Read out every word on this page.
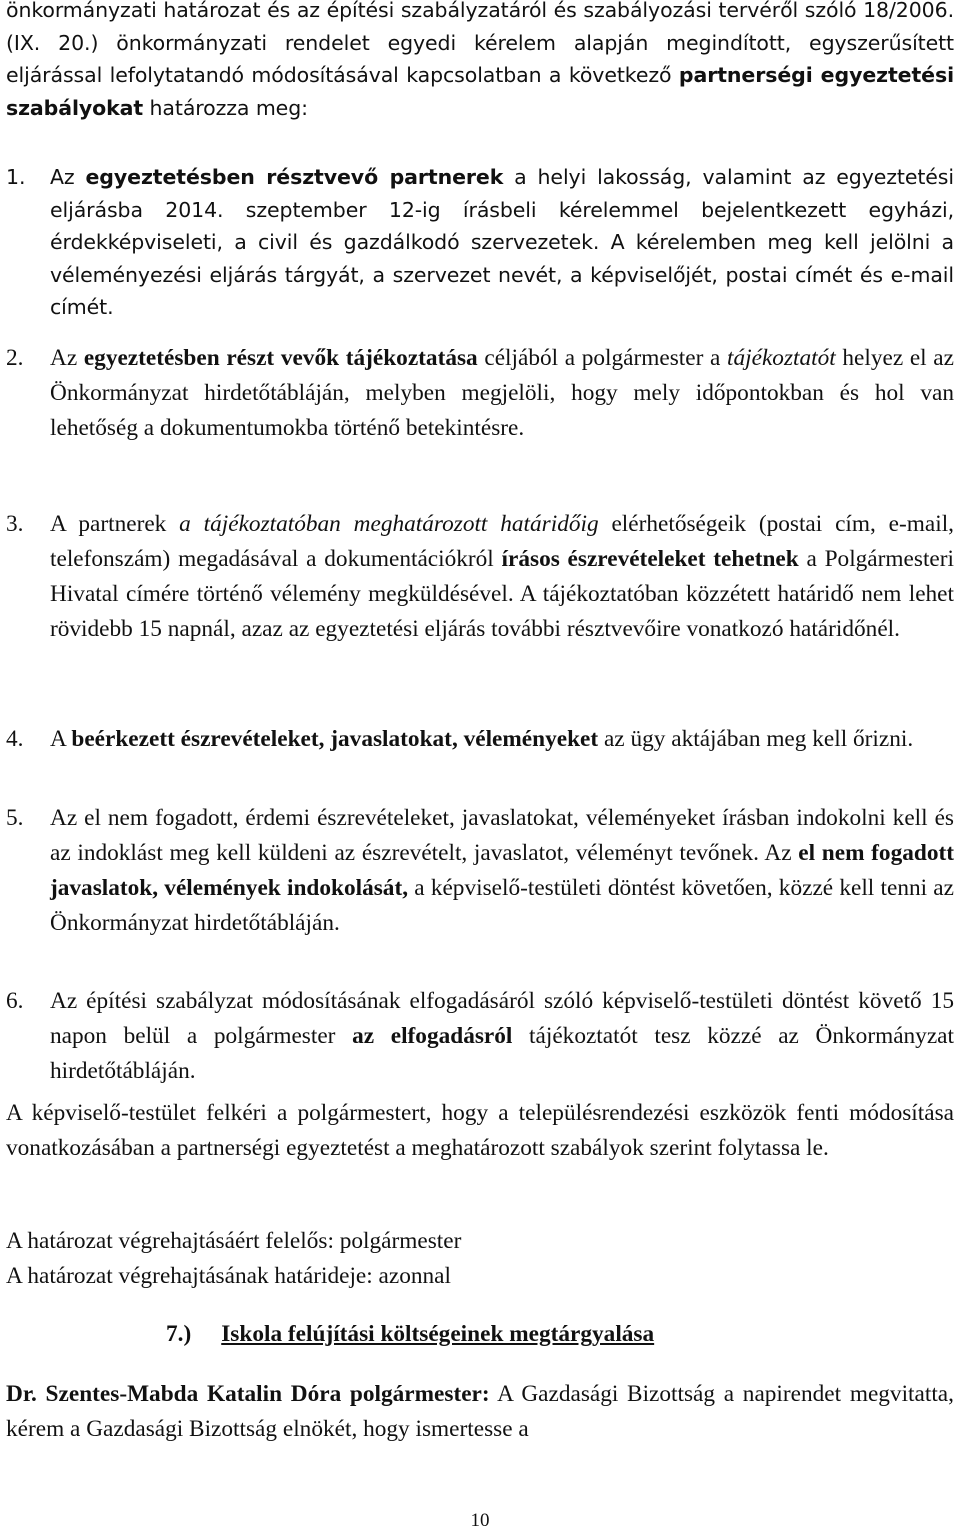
önkormányzati határozat és az építési szabályzatáról és szabályozási tervéről szóló 18/2006.(IX. 20.) önkormányzati rendelet egyedi kérelem alapján megindított, egyszerűsített eljárással lefolytatandó módosításával kapcsolatban a következő partnerségi egyeztetési szabályokat határozza meg:

1. Az egyeztetésben résztvevő partnerek a helyi lakosság, valamint az egyeztetési eljárásba 2014. szeptember 12-ig írásbeli kérelemmel bejelentkezett egyházi, érdekképviseleti, a civil és gazdálkodó szervezetek. A kérelemben meg kell jelölni a véleményezési eljárás tárgyát, a szervezet nevét, a képviselőjét, postai címét és e-mail címét.

2. Az egyeztetésben részt vevők tájékoztatása céljából a polgármester a tájékoztatót helyez el az Önkormányzat hirdetőtábláján, melyben megjelöli, hogy mely időpontokban és hol van lehetőség a dokumentumokba történő betekintésre.

3. A partnerek a tájékoztatóban meghatározott határidőig elérhetőségeik (postai cím, e-mail, telefonszám) megadásával a dokumentációkról írásos észrevételeket tehetnek a Polgármesteri Hivatal címére történő vélemény megküldésével. A tájékoztatóban közzétett határidő nem lehet rövidebb 15 napnál, azaz az egyeztetési eljárás további résztvevőire vonatkozó határidőnél.

4. A beérkezett észrevételeket, javaslatokat, véleményeket az ügy aktájában meg kell őrizni.

5. Az el nem fogadott, érdemi észrevételeket, javaslatokat, véleményeket írásban indokolni kell és az indoklást meg kell küldeni az észrevételt, javaslatot, véleményt tevőnek. Az el nem fogadott javaslatok, vélemények indokolását, a képviselő-testületi döntést követően, közzé kell tenni az Önkormányzat hirdetőtábláján.

6. Az építési szabályzat módosításának elfogadásáról szóló képviselő-testületi döntést követő 15 napon belül a polgármester az elfogadásról tájékoztatót tesz közzé az Önkormányzat hirdetőtábláján.

A képviselő-testület felkéri a polgármestert, hogy a településrendezési eszközök fenti módosítása vonatkozásában a partnerségi egyeztetést a meghatározott szabályok szerint folytassa le.

A határozat végrehajtásáért felelős: polgármester

A határozat végrehajtásának határideje: azonnal

7.) Iskola felújítási költségeinek megtárgyalása

Dr. Szentes-Mabda Katalin Dóra polgármester: A Gazdasági Bizottság a napirendet megvitatta, kérem a Gazdasági Bizottság elnökét, hogy ismertesse a

10
